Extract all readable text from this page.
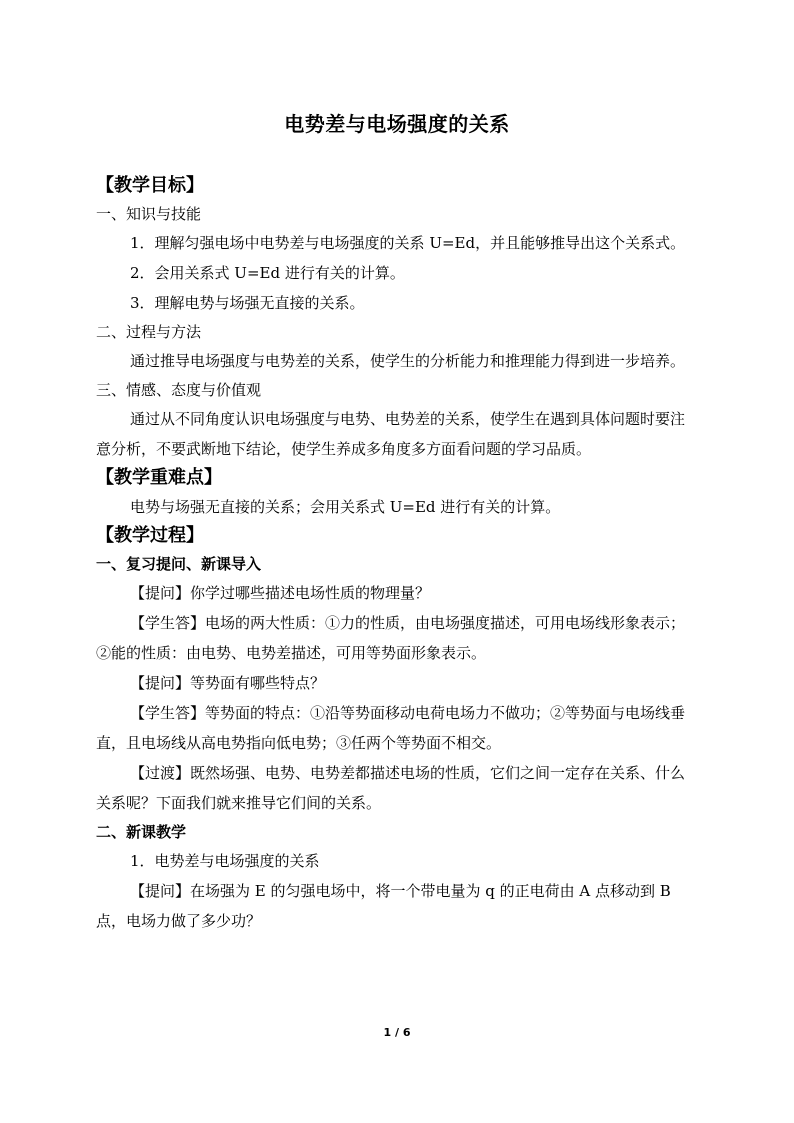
电势差与电场强度的关系
【教学目标】
一、知识与技能

1．理解匀强电场中电势差与电场强度的关系 U=Ed，并且能够推导出这个关系式。

2．会用关系式 U=Ed 进行有关的计算。

3．理解电势与场强无直接的关系。

二、过程与方法

通过推导电场强度与电势差的关系，使学生的分析能力和推理能力得到进一步培养。

三、情感、态度与价值观

通过从不同角度认识电场强度与电势、电势差的关系，使学生在遇到具体问题时要注意分析，不要武断地下结论，使学生养成多角度多方面看问题的学习品质。

【教学重难点】

电势与场强无直接的关系；会用关系式 U=Ed 进行有关的计算。

【教学过程】
一、复习提问、新课导入

【提问】你学过哪些描述电场性质的物理量？

【学生答】电场的两大性质：①力的性质，由电场强度描述，可用电场线形象表示；②能的性质：由电势、电势差描述，可用等势面形象表示。

【提问】等势面有哪些特点？

【学生答】等势面的特点：①沿等势面移动电荷电场力不做功；②等势面与电场线垂直，且电场线从高电势指向低电势；③任两个等势面不相交。

【过渡】既然场强、电势、电势差都描述电场的性质，它们之间一定存在关系、什么关系呢？下面我们就来推导它们间的关系。

二、新课教学

1．电势差与电场强度的关系

【提问】在场强为 E 的匀强电场中，将一个带电量为 q 的正电荷由 A 点移动到 B 点，电场力做了多少功？

1 / 6
